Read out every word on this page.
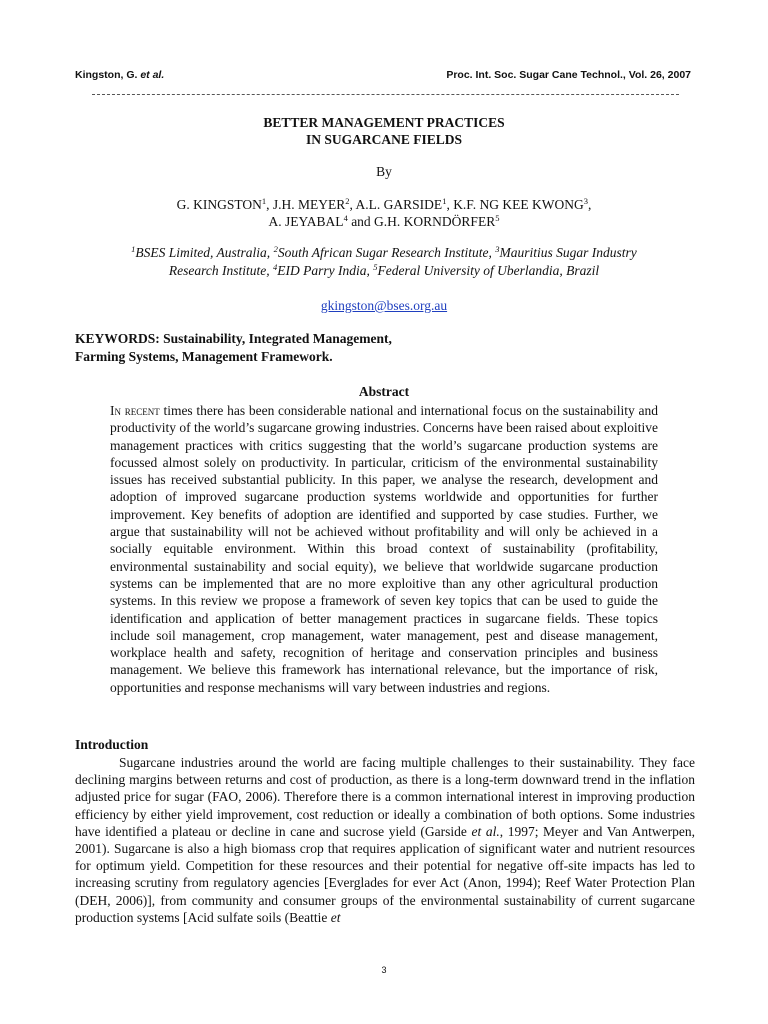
Kingston, G. et al.	Proc. Int. Soc. Sugar Cane Technol., Vol. 26, 2007
BETTER MANAGEMENT PRACTICES
IN SUGARCANE FIELDS
By
G. KINGSTON$^1$, J.H. MEYER$^2$, A.L. GARSIDE$^1$, K.F. NG KEE KWONG$^3$,
A. JEYABAL$^4$ and G.H. KORNDÖRFER$^5$
$^1$BSES Limited, Australia, $^2$South African Sugar Research Institute, $^3$Mauritius Sugar Industry
Research Institute, $^4$EID Parry India, $^5$Federal University of Uberlandia, Brazil
gkingston@bses.org.au
KEYWORDS: Sustainability, Integrated Management,
Farming Systems, Management Framework.
Abstract

In recent times there has been considerable national and international focus on the sustainability and productivity of the world’s sugarcane growing industries. Concerns have been raised about exploitive management practices with critics suggesting that the world’s sugarcane production systems are focussed almost solely on productivity. In particular, criticism of the environmental sustainability issues has received substantial publicity. In this paper, we analyse the research, development and adoption of improved sugarcane production systems worldwide and opportunities for further improvement. Key benefits of adoption are identified and supported by case studies. Further, we argue that sustainability will not be achieved without profitability and will only be achieved in a socially equitable environment. Within this broad context of sustainability (profitability, environmental sustainability and social equity), we believe that worldwide sugarcane production systems can be implemented that are no more exploitive than any other agricultural production systems. In this review we propose a framework of seven key topics that can be used to guide the identification and application of better management practices in sugarcane fields. These topics include soil management, crop management, water management, pest and disease management, workplace health and safety, recognition of heritage and conservation principles and business management. We believe this framework has international relevance, but the importance of risk, opportunities and response mechanisms will vary between industries and regions.

Introduction

Sugarcane industries around the world are facing multiple challenges to their sustainability. They face declining margins between returns and cost of production, as there is a long-term downward trend in the inflation adjusted price for sugar (FAO, 2006). Therefore there is a common international interest in improving production efficiency by either yield improvement, cost reduction or ideally a combination of both options. Some industries have identified a plateau or decline in cane and sucrose yield (Garside et al., 1997; Meyer and Van Antwerpen, 2001). Sugarcane is also a high biomass crop that requires application of significant water and nutrient resources for optimum yield. Competition for these resources and their potential for negative off-site impacts has led to increasing scrutiny from regulatory agencies [Everglades for ever Act (Anon, 1994); Reef Water Protection Plan (DEH, 2006)], from community and consumer groups of the environmental sustainability of current sugarcane production systems [Acid sulfate soils (Beattie et

3
